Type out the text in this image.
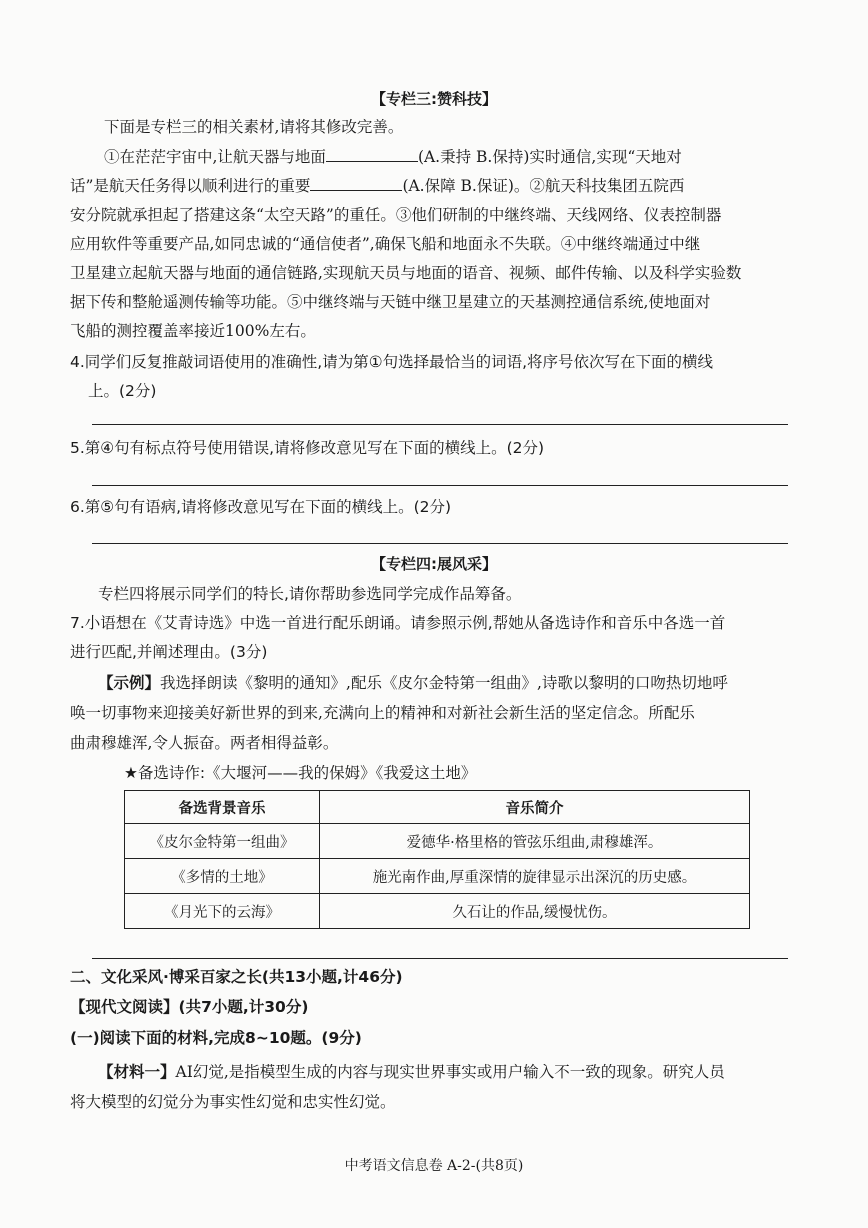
【专栏三:赞科技】
下面是专栏三的相关素材,请将其修改完善。
①在茫茫宇宙中,让航天器与地面	(A.秉持 B.保持)实时通信,实现“天地对
话”是航天任务得以顺利进行的重要	(A.保障 B.保证)。②航天科技集团五院西
安分院就承担起了搭建这条“太空天路”的重任。③他们研制的中继终端、天线网络、仪表控制器
应用软件等重要产品,如同忠诚的“通信使者”,确保飞船和地面永不失联。④中继终端通过中继
卫星建立起航天器与地面的通信链路,实现航天员与地面的语音、视频、邮件传输、以及科学实验数
据下传和整舱遥测传输等功能。⑤中继终端与天链中继卫星建立的天基测控通信系统,使地面对
飞船的测控覆盖率接近100%左右。
4.同学们反复推敲词语使用的准确性,请为第①句选择最恰当的词语,将序号依次写在下面的横线
上。(2分)
5.第④句有标点符号使用错误,请将修改意见写在下面的横线上。(2分)
6.第⑤句有语病,请将修改意见写在下面的横线上。(2分)
【专栏四:展风采】
专栏四将展示同学们的特长,请你帮助参选同学完成作品筹备。
7.小语想在《艾青诗选》中选一首进行配乐朗诵。请参照示例,帮她从备选诗作和音乐中各选一首
进行匹配,并阐述理由。(3分)
【示例】我选择朗读《黎明的通知》,配乐《皮尔金特第一组曲》,诗歌以黎明的口吻热切地呼
唤一切事物来迎接美好新世界的到来,充满向上的精神和对新社会新生活的坚定信念。所配乐
曲肃穆雄浑,令人振奋。两者相得益彰。
★备选诗作:《大堰河——我的保姆》《我爱这土地》
备选背景音乐	音乐简介
《皮尔金特第一组曲》	爱德华·格里格的管弦乐组曲,肃穆雄浑。
《多情的土地》	施光南作曲,厚重深情的旋律显示出深沉的历史感。
《月光下的云海》	久石让的作品,缓慢忧伤。
二、文化采风·博采百家之长(共13小题,计46分)
【现代文阅读】(共7小题,计30分)
(一)阅读下面的材料,完成8~10题。(9分)
【材料一】AI幻觉,是指模型生成的内容与现实世界事实或用户输入不一致的现象。研究人员
将大模型的幻觉分为事实性幻觉和忠实性幻觉。
中考语文信息卷 A-2-(共8页)
